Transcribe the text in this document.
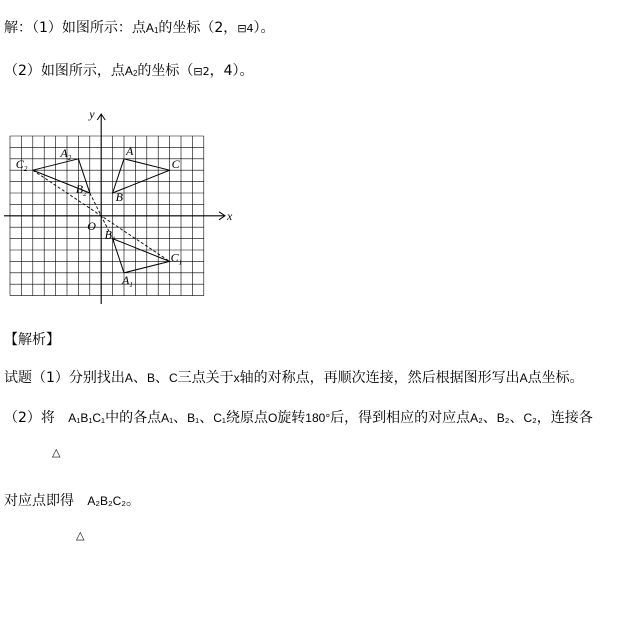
解：（1）如图所示：点$A_1$的坐标（2，⊟4）。
（2）如图所示，点$A_2$的坐标（⊟2，4）。
A
B
C
$A_1$
$B_1$
$C_1$
$A_2$
$B_2$
$C_2$
O
x
y
【解析】
试题（1）分别找出A、B、C三点关于x轴的对称点，再顺次连接，然后根据图形写出A点坐标。
（2）将 A₁B₁C₁中的各点A₁、B₁、C₁绕原点O旋转180°后，得到相应的对应点A₂、B₂、C₂，连接各
△
对应点即得 A₂B₂C₂。
△
